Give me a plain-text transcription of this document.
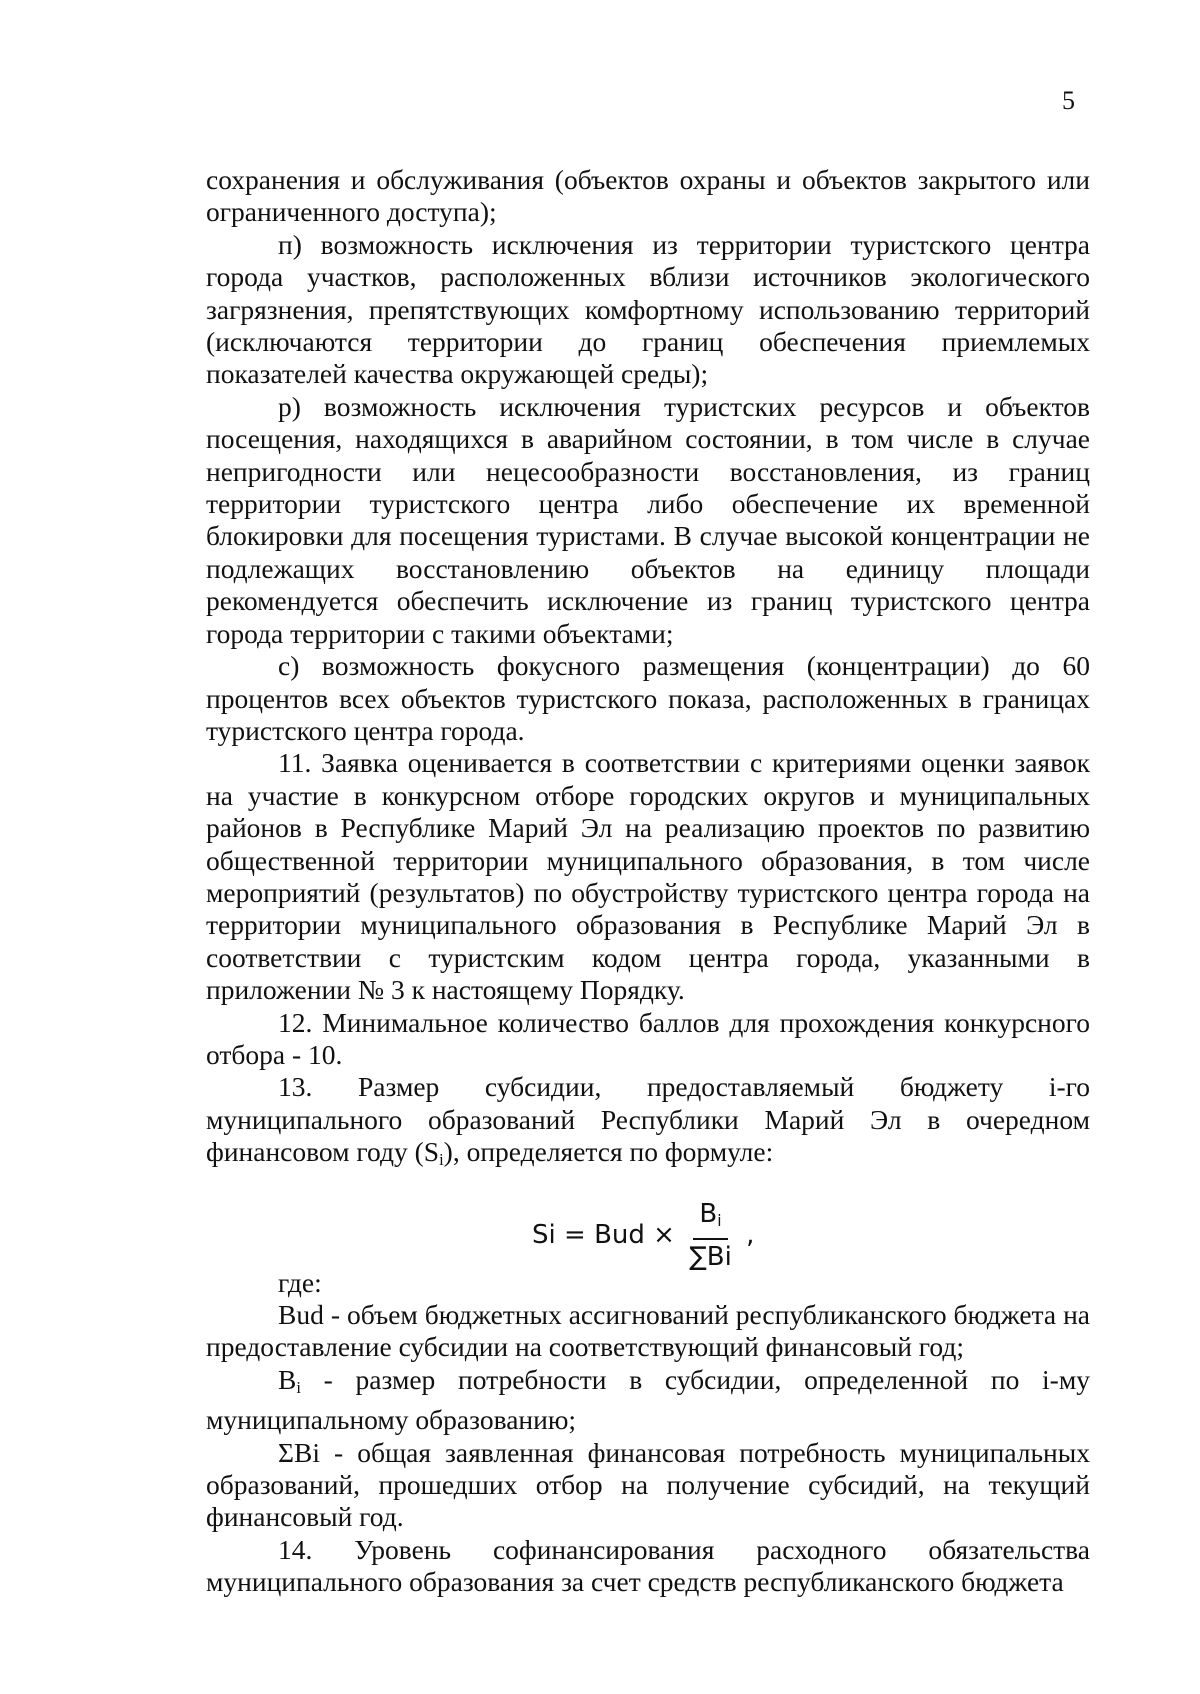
5

сохранения и обслуживания (объектов охраны и объектов закрытого или ограниченного доступа);

п) возможность исключения из территории туристского центра города участков, расположенных вблизи источников экологического загрязнения, препятствующих комфортному использованию территорий (исключаются территории до границ обеспечения приемлемых показателей качества окружающей среды);

р) возможность исключения туристских ресурсов и объектов посещения, находящихся в аварийном состоянии, в том числе в случае непригодности или нецесообразности восстановления, из границ территории туристского центра либо обеспечение их временной блокировки для посещения туристами. В случае высокой концентрации не подлежащих восстановлению объектов на единицу площади рекомендуется обеспечить исключение из границ туристского центра города территории с такими объектами;

с) возможность фокусного размещения (концентрации) до 60 процентов всех объектов туристского показа, расположенных в границах туристского центра города.

11. Заявка оценивается в соответствии с критериями оценки заявок на участие в конкурсном отборе городских округов и муниципальных районов в Республике Марий Эл на реализацию проектов по развитию общественной территории муниципального образования, в том числе мероприятий (результатов) по обустройству туристского центра города на территории муниципального образования в Республике Марий Эл в соответствии с туристским кодом центра города, указанными в приложении № 3 к настоящему Порядку.

12. Минимальное количество баллов для прохождения конкурсного отбора - 10.

13. Размер субсидии, предоставляемый бюджету i-го муниципального образований Республики Марий Эл в очередном финансовом году $(S_i)$, определяется по формуле:

Si = Bud × $\frac{B_i}{\sum Bi}$ ,

где:

Bud - объем бюджетных ассигнований республиканского бюджета на предоставление субсидии на соответствующий финансовый год;

$B_i$ - размер потребности в субсидии, определенной по i-му муниципальному образованию;

ΣBi - общая заявленная финансовая потребность муниципальных образований, прошедших отбор на получение субсидий, на текущий финансовый год.

14. Уровень софинансирования расходного обязательства муниципального образования за счет средств республиканского бюджета
